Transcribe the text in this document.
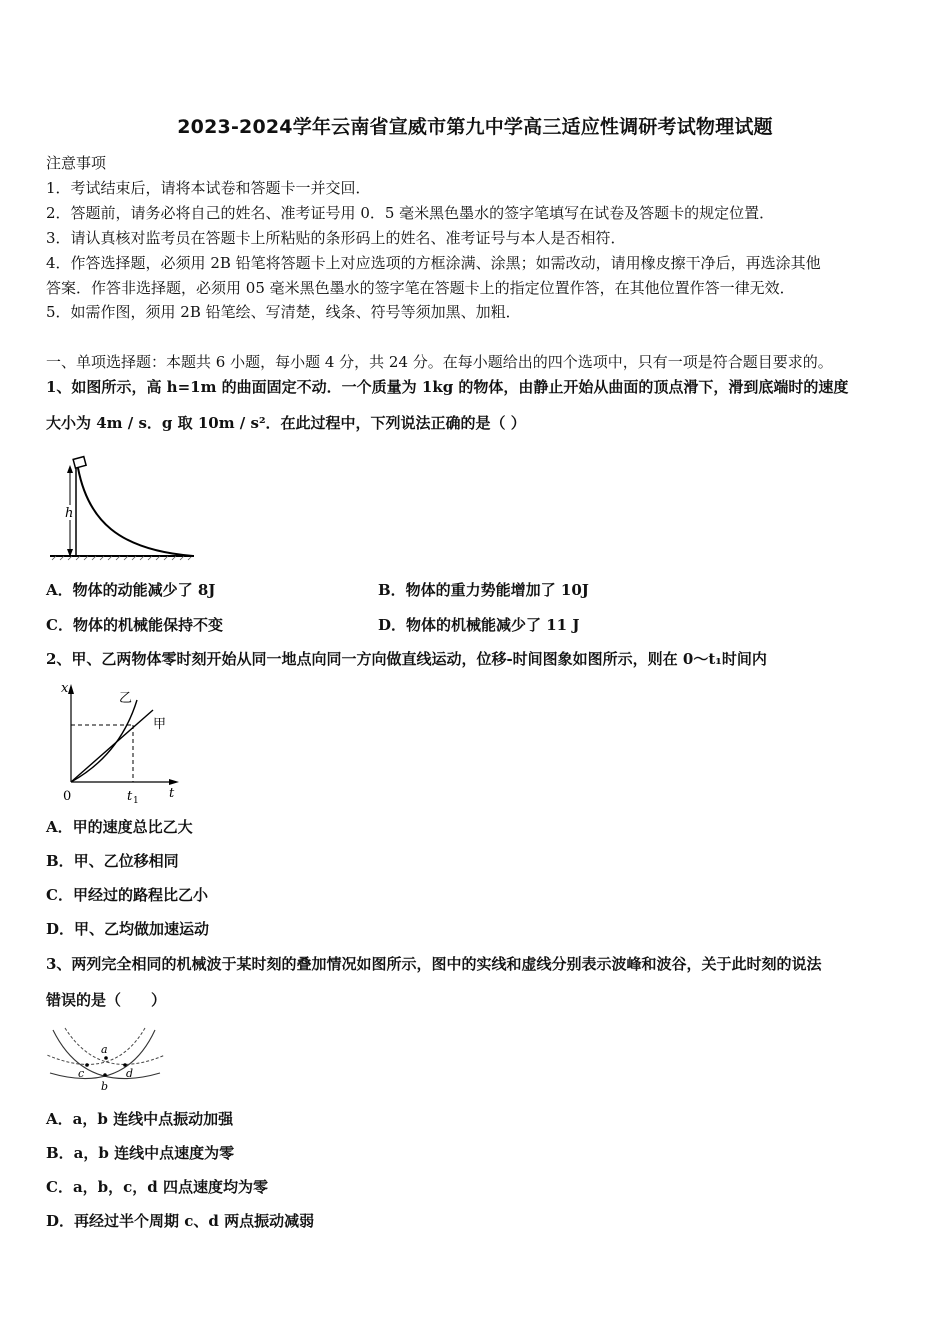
2023-2024学年云南省宣威市第九中学高三适应性调研考试物理试题
注意事项
1．考试结束后，请将本试卷和答题卡一并交回．
2．答题前，请务必将自己的姓名、准考证号用 0．5 毫米黑色墨水的签字笔填写在试卷及答题卡的规定位置．
3．请认真核对监考员在答题卡上所粘贴的条形码上的姓名、准考证号与本人是否相符．
4．作答选择题，必须用 2B 铅笔将答题卡上对应选项的方框涂满、涂黑；如需改动，请用橡皮擦干净后，再选涂其他
答案．作答非选择题，必须用 05 毫米黑色墨水的签字笔在答题卡上的指定位置作答，在其他位置作答一律无效．
5．如需作图，须用 2B 铅笔绘、写清楚，线条、符号等须加黑、加粗．
一、单项选择题：本题共 6 小题，每小题 4 分，共 24 分。在每小题给出的四个选项中，只有一项是符合题目要求的。
1、如图所示，高 h=1m 的曲面固定不动．一个质量为 1kg 的物体，由静止开始从曲面的顶点滑下，滑到底端时的速度
大小为 4m / s．g 取 10m / s²．在此过程中，下列说法正确的是（ ）
h
A．物体的动能减少了 8J	B．物体的重力势能增加了 10J
C．物体的机械能保持不变	D．物体的机械能减少了 11 J
2、甲、乙两物体零时刻开始从同一地点向同一方向做直线运动，位移-时间图象如图所示，则在 0～t₁时间内
x
t
0	t 1
乙
甲
A．甲的速度总比乙大
B．甲、乙位移相同
C．甲经过的路程比乙小
D．甲、乙均做加速运动
3、两列完全相同的机械波于某时刻的叠加情况如图所示，图中的实线和虚线分别表示波峰和波谷，关于此时刻的说法
错误的是（　　）
a
b
c	d
A．a，b 连线中点振动加强
B．a，b 连线中点速度为零
C．a，b，c，d 四点速度均为零
D．再经过半个周期 c、d 两点振动减弱
